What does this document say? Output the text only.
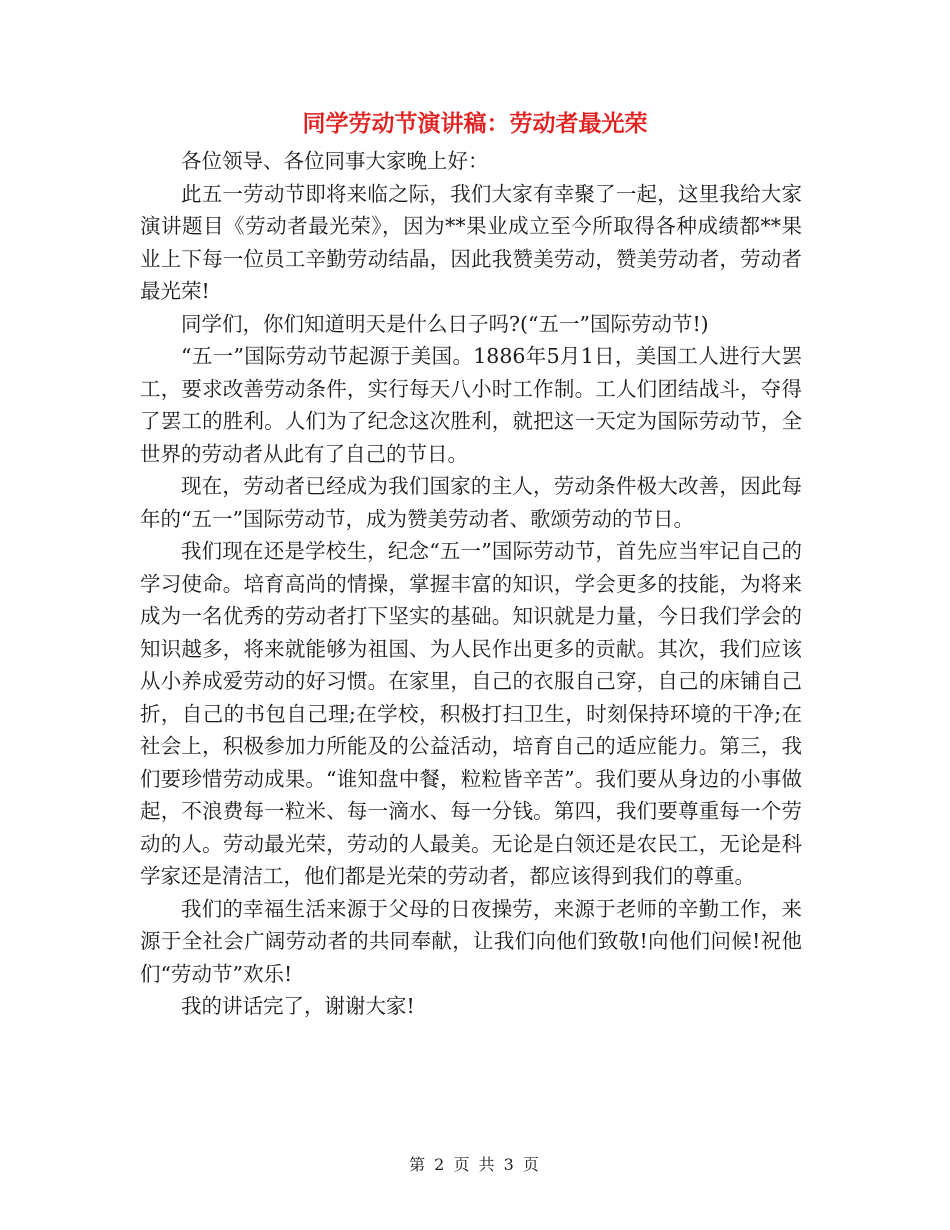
同学劳动节演讲稿：劳动者最光荣

各位领导、各位同事大家晚上好：

此五一劳动节即将来临之际，我们大家有幸聚了一起，这里我给大家演讲题目《劳动者最光荣》，因为**果业成立至今所取得各种成绩都**果业上下每一位员工辛勤劳动结晶，因此我赞美劳动，赞美劳动者，劳动者最光荣!

同学们，你们知道明天是什么日子吗?(“五一”国际劳动节!)

“五一”国际劳动节起源于美国。1886年5月1日，美国工人进行大罢工，要求改善劳动条件，实行每天八小时工作制。工人们团结战斗，夺得了罢工的胜利。人们为了纪念这次胜利，就把这一天定为国际劳动节，全世界的劳动者从此有了自己的节日。

现在，劳动者已经成为我们国家的主人，劳动条件极大改善，因此每年的“五一”国际劳动节，成为赞美劳动者、歌颂劳动的节日。

我们现在还是学校生，纪念“五一”国际劳动节，首先应当牢记自己的学习使命。培育高尚的情操，掌握丰富的知识，学会更多的技能，为将来成为一名优秀的劳动者打下坚实的基础。知识就是力量，今日我们学会的知识越多，将来就能够为祖国、为人民作出更多的贡献。其次，我们应该从小养成爱劳动的好习惯。在家里，自己的衣服自己穿，自己的床铺自己折，自己的书包自己理;在学校，积极打扫卫生，时刻保持环境的干净;在社会上，积极参加力所能及的公益活动，培育自己的适应能力。第三，我们要珍惜劳动成果。“谁知盘中餐，粒粒皆辛苦”。我们要从身边的小事做起，不浪费每一粒米、每一滴水、每一分钱。第四，我们要尊重每一个劳动的人。劳动最光荣，劳动的人最美。无论是白领还是农民工，无论是科学家还是清洁工，他们都是光荣的劳动者，都应该得到我们的尊重。

我们的幸福生活来源于父母的日夜操劳，来源于老师的辛勤工作，来源于全社会广阔劳动者的共同奉献，让我们向他们致敬!向他们问候!祝他们“劳动节”欢乐!

我的讲话完了，谢谢大家!

第 2 页 共 3 页
